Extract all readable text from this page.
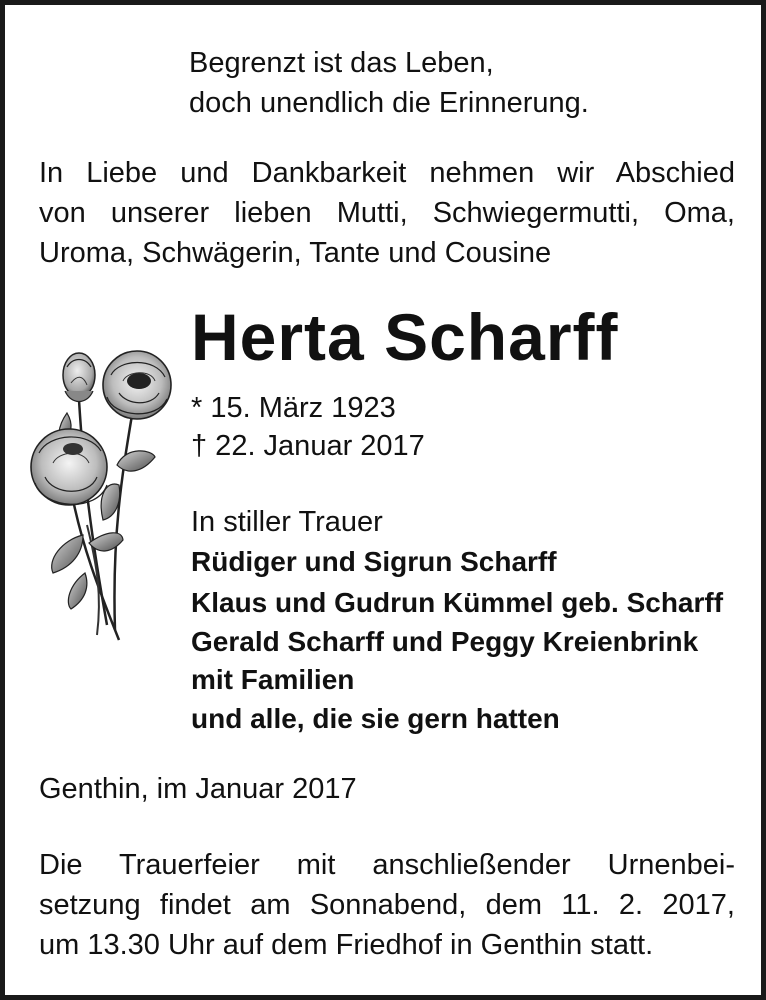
Begrenzt ist das Leben,
doch unendlich die Erinnerung.
In Liebe und Dankbarkeit nehmen wir Abschied
von unserer lieben Mutti, Schwiegermutti, Oma,
Uroma, Schwägerin, Tante und Cousine
Herta Scharff
* 15. März 1923
† 22. Januar 2017
In stiller Trauer
Rüdiger und Sigrun Scharff
Klaus und Gudrun Kümmel geb. Scharff
Gerald Scharff und Peggy Kreienbrink
mit Familien
und alle, die sie gern hatten
Genthin, im Januar 2017
Die Trauerfeier mit anschließender Urnenbei-
setzung findet am Sonnabend, dem 11. 2. 2017,
um 13.30 Uhr auf dem Friedhof in Genthin statt.
